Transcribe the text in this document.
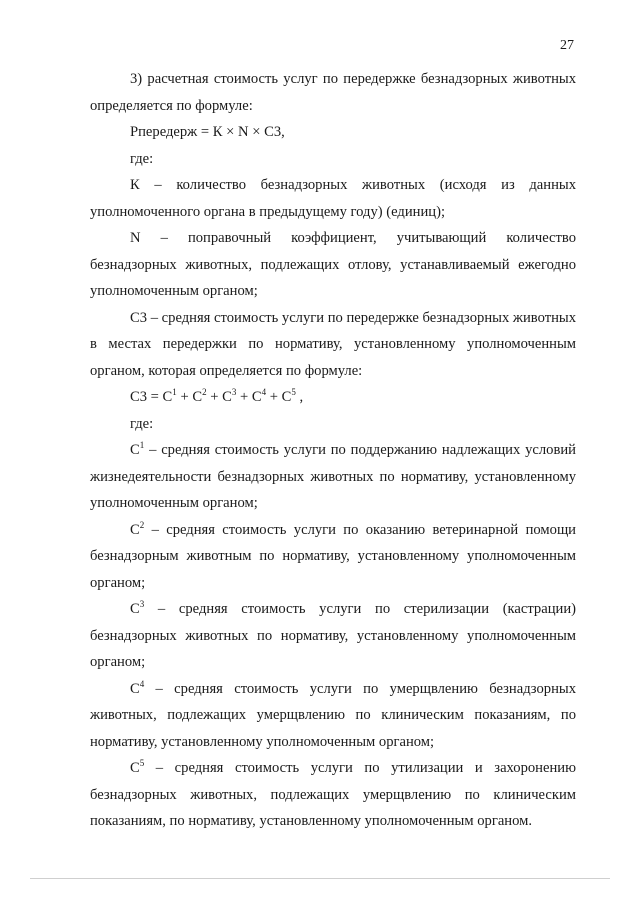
27

3) расчетная стоимость услуг по передержке безнадзорных животных определяется по формуле:

Рпередерж = К × N × С3,

где:

К – количество безнадзорных животных (исходя из данных уполномоченного органа в предыдущему году) (единиц);

N – поправочный коэффициент, учитывающий количество безнадзорных животных, подлежащих отлову, устанавливаемый ежегодно уполномоченным органом;

С3 – средняя стоимость услуги по передержке безнадзорных животных в местах передержки по нормативу, установленному уполномоченным органом, которая определяется по формуле:

$С3 = С^1 + С^2 + С^3 + С^4 + С^5$ ,

где:

$С^1$ – средняя стоимость услуги по поддержанию надлежащих условий жизнедеятельности безнадзорных животных по нормативу, установленному уполномоченным органом;

$С^2$ – средняя стоимость услуги по оказанию ветеринарной помощи безнадзорным животным по нормативу, установленному уполномоченным органом;

$С^3$ – средняя стоимость услуги по стерилизации (кастрации) безнадзорных животных по нормативу, установленному уполномоченным органом;

$С^4$ – средняя стоимость услуги по умерщвлению безнадзорных животных, подлежащих умерщвлению по клиническим показаниям, по нормативу, установленному уполномоченным органом;

$С^5$ – средняя стоимость услуги по утилизации и захоронению безнадзорных животных, подлежащих умерщвлению по клиническим показаниям, по нормативу, установленному уполномоченным органом.
